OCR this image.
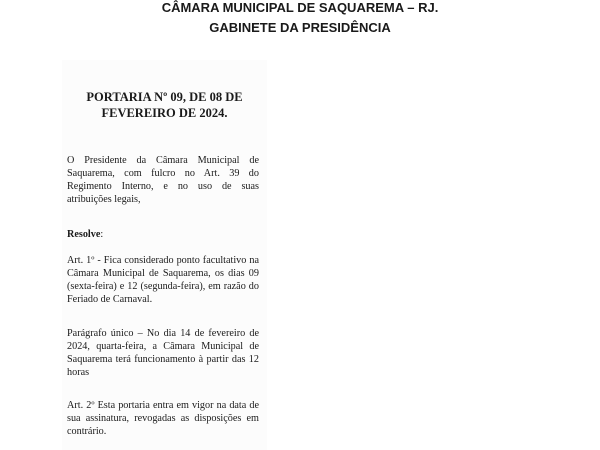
CÂMARA MUNICIPAL DE SAQUAREMA – RJ.
GABINETE DA PRESIDÊNCIA
PORTARIA Nº 09, DE 08 DE
FEVEREIRO DE 2024.
O Presidente da Câmara Municipal de Saquarema, com fulcro no Art. 39 do Regimento Interno, e no uso de suas atribuições legais,
Resolve:
Art. 1º - Fica considerado ponto facultativo na Câmara Municipal de Saquarema, os dias 09 (sexta-feira) e 12 (segunda-feira), em razão do Feriado de Carnaval.
Parágrafo único – No dia 14 de fevereiro de 2024, quarta-feira, a Câmara Municipal de Saquarema terá funcionamento à partir das 12 horas
Art. 2º Esta portaria entra em vigor na data de sua assinatura, revogadas as disposições em contrário.
